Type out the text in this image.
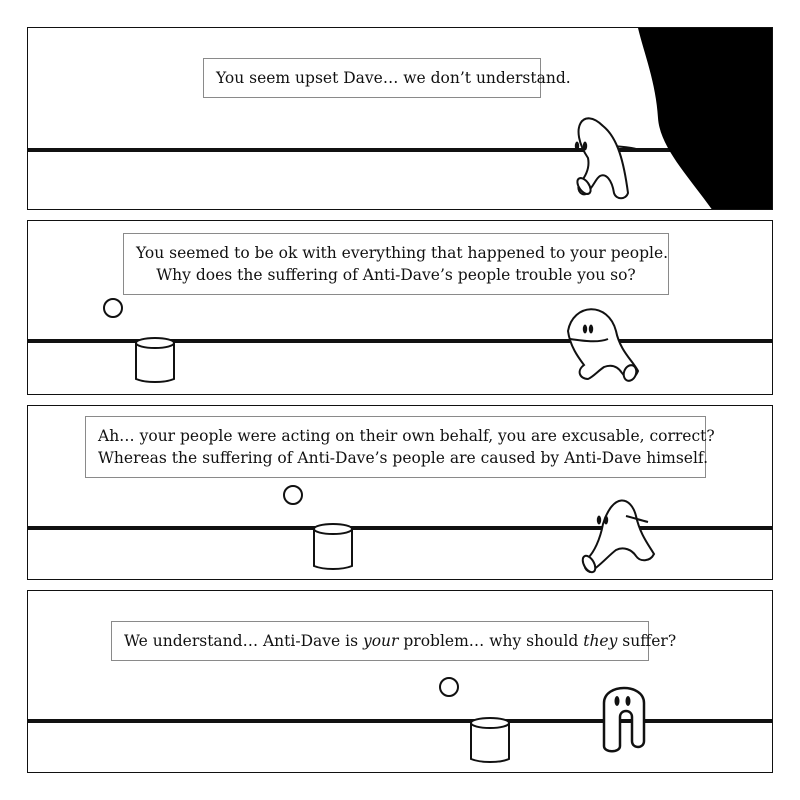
You seem upset Dave… we don’t understand.
You seemed to be ok with everything that happened to your people.
Why does the suffering of Anti-Dave’s people trouble you so?
Ah… your people were acting on their own behalf, you are excusable, correct?
Whereas the suffering of Anti-Dave’s people are caused by Anti-Dave himself.
We understand… Anti-Dave is your problem… why should they suffer?
